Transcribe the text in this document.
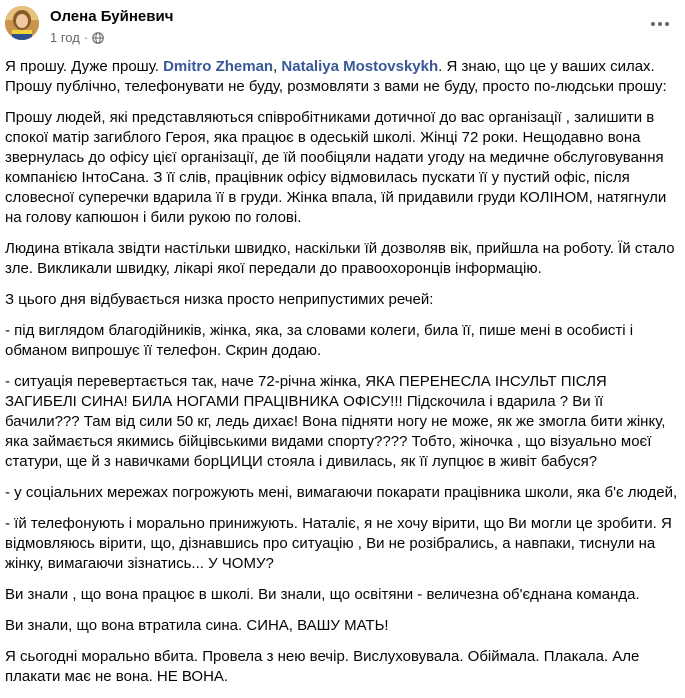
Олена Буйневич
1 год ·

Я прошу. Дуже прошу. Dmitro Zheman, Nataliya Mostovskykh. Я знаю, що це у ваших силах. Прошу публічно, телефонувати не буду, розмовляти з вами не буду, просто по-людськи прошу:

Прошу людей, які представляються співробітниками дотичної до вас організації , залишити в спокої матір загиблого Героя, яка працює в одеській школі. Жінці 72 роки. Нещодавно вона звернулась до офісу цієї організації, де їй пообіцяли надати угоду на медичне обслуговування компанією ІнтоСана. З її слів, працівник офісу відмовилась пускати її у пустий офіс, після словесної суперечки вдарила її в груди. Жінка впала, їй придавили груди КОЛІНОМ, натягнули на голову капюшон і били рукою по голові.

Людина втікала звідти настільки швидко, наскільки їй дозволяв вік, прийшла на роботу. Їй стало зле. Викликали швидку, лікарі якої передали до правоохоронців інформацію.

З цього дня відбувається низка просто неприпустимих речей:

- під виглядом благодійників, жінка, яка, за словами колеги, била її, пише мені в особисті і обманом випрошує її телефон. Скрин додаю.

- ситуація перевертається так, наче 72-річна жінка, ЯКА ПЕРЕНЕСЛА ІНСУЛЬТ ПІСЛЯ ЗАГИБЕЛІ СИНА! БИЛА НОГАМИ ПРАЦІВНИКА ОФІСУ!!! Підскочила і вдарила ? Ви її бачили??? Там від сили 50 кг, ледь дихає! Вона підняти ногу не може, як же змогла бити жінку, яка займається якимись бійцівськими видами спорту???? Тобто, жіночка , що візуально моєї статури, ще й з навичками борЦИЦИ стояла і дивилась, як її лупцює в живіт бабуся?

- у соціальних мережах погрожують мені, вимагаючи покарати працівника школи, яка б'є людей,

- їй телефонують і морально принижують. Наталіє, я не хочу вірити, що Ви могли це зробити. Я відмовляюсь вірити, що, дізнавшись про ситуацію , Ви не розібрались, а навпаки, тиснули на жінку, вимагаючи зізнатись... У ЧОМУ?

Ви знали , що вона працює в школі. Ви знали, що освітяни - величезна об'єднана команда.

Ви знали, що вона втратила сина. СИНА, ВАШУ МАТЬ!

Я сьогодні морально вбита. Провела з нею вечір. Вислуховувала. Обіймала. Плакала. Але плакати має не вона. НЕ ВОНА.
